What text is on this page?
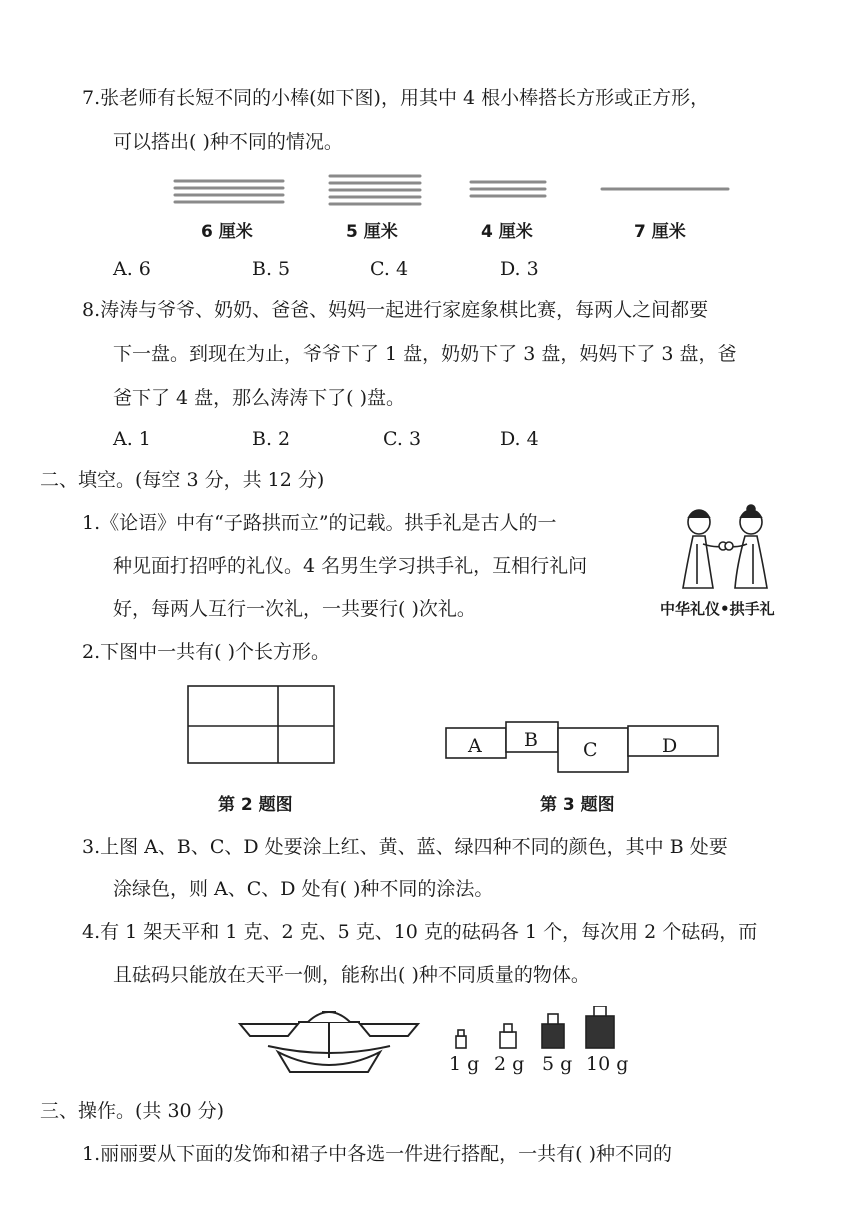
7.张老师有长短不同的小棒(如下图)，用其中 4 根小棒搭长方形或正方形，
可以搭出( )种不同的情况。
6 厘米	5 厘米	4 厘米	7 厘米
A. 6	B. 5	C. 4	D. 3
8.涛涛与爷爷、奶奶、爸爸、妈妈一起进行家庭象棋比赛，每两人之间都要
下一盘。到现在为止，爷爷下了 1 盘，奶奶下了 3 盘，妈妈下了 3 盘，爸
爸下了 4 盘，那么涛涛下了( )盘。
A. 1	B. 2	C. 3	D. 4
二、填空。(每空 3 分，共 12 分)
1.《论语》中有“子路拱而立”的记载。拱手礼是古人的一
种见面打招呼的礼仪。4 名男生学习拱手礼，互相行礼问
好，每两人互行一次礼，一共要行( )次礼。	中华礼仪•拱手礼
2.下图中一共有( )个长方形。
第 2 题图
A B C	D
第 3 题图
3.上图 A、B、C、D 处要涂上红、黄、蓝、绿四种不同的颜色，其中 B 处要
涂绿色，则 A、C、D 处有( )种不同的涂法。
4.有 1 架天平和 1 克、2 克、5 克、10 克的砝码各 1 个，每次用 2 个砝码，而
且砝码只能放在天平一侧，能称出( )种不同质量的物体。
1 g 2 g 5 g 10 g
三、操作。(共 30 分)
1.丽丽要从下面的发饰和裙子中各选一件进行搭配，一共有( )种不同的
